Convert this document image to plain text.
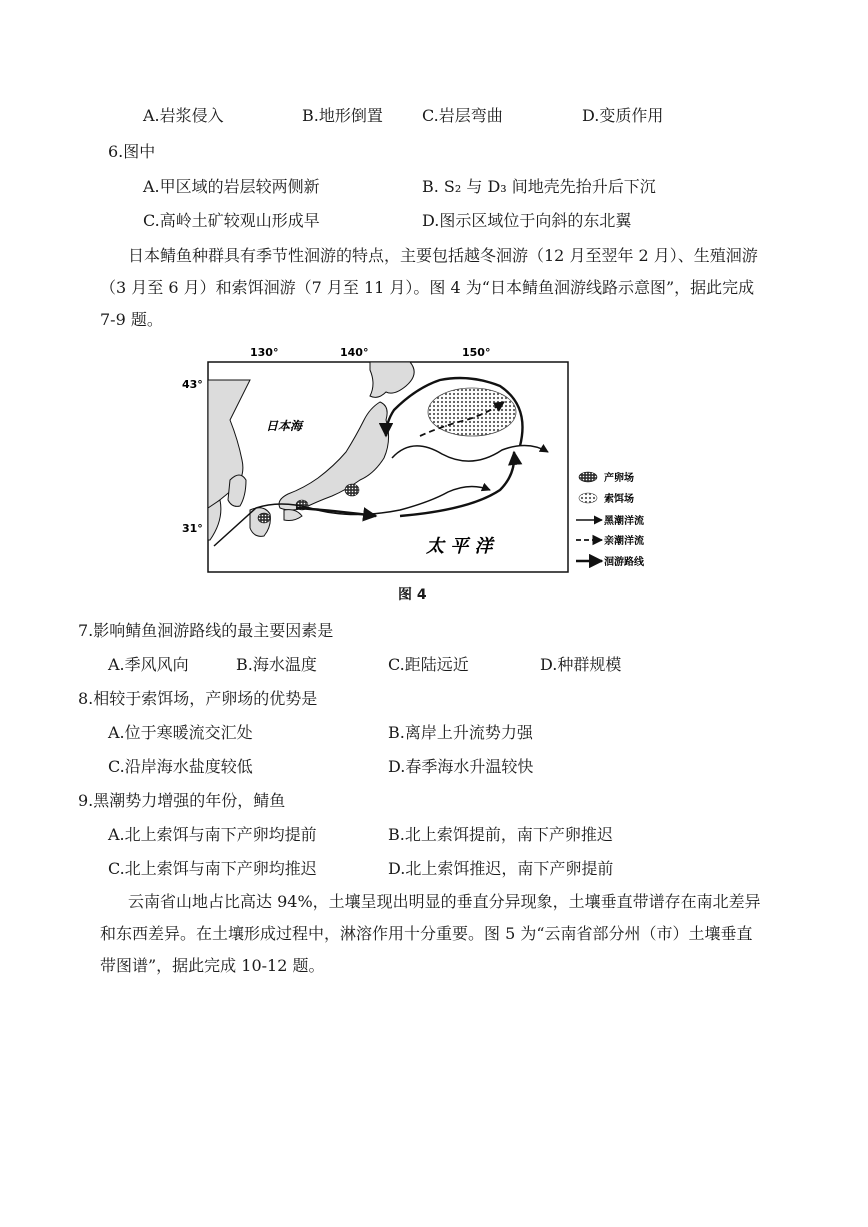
A.岩浆侵入	B.地形倒置 C.岩层弯曲	D.变质作用
6.图中
A.甲区域的岩层较两侧新	B. S₂ 与 D₃ 间地壳先抬升后下沉
C.高岭土矿较观山形成早	D.图示区域位于向斜的东北翼
日本鲭鱼种群具有季节性洄游的特点，主要包括越冬洄游（12 月至翌年 2 月）、生殖洄游（3 月至 6 月）和索饵洄游（7 月至 11 月）。图 4 为“日本鲭鱼洄游线路示意图”，据此完成 7-9 题。
130°	140°	150°
43°
31°
日本海
太 平 洋
产卵场
索饵场
黑潮洋流
亲潮洋流
洄游路线
图 4
7.影响鲭鱼洄游路线的最主要因素是
A.季风风向	B.海水温度	C.距陆远近	D.种群规模
8.相较于索饵场，产卵场的优势是
A.位于寒暖流交汇处	B.离岸上升流势力强
C.沿岸海水盐度较低	D.春季海水升温较快
9.黑潮势力增强的年份，鲭鱼
A.北上索饵与南下产卵均提前	B.北上索饵提前，南下产卵推迟
C.北上索饵与南下产卵均推迟	D.北上索饵推迟，南下产卵提前
云南省山地占比高达 94%，土壤呈现出明显的垂直分异现象，土壤垂直带谱存在南北差异和东西差异。在土壤形成过程中，淋溶作用十分重要。图 5 为“云南省部分州（市）土壤垂直带图谱”，据此完成 10-12 题。
